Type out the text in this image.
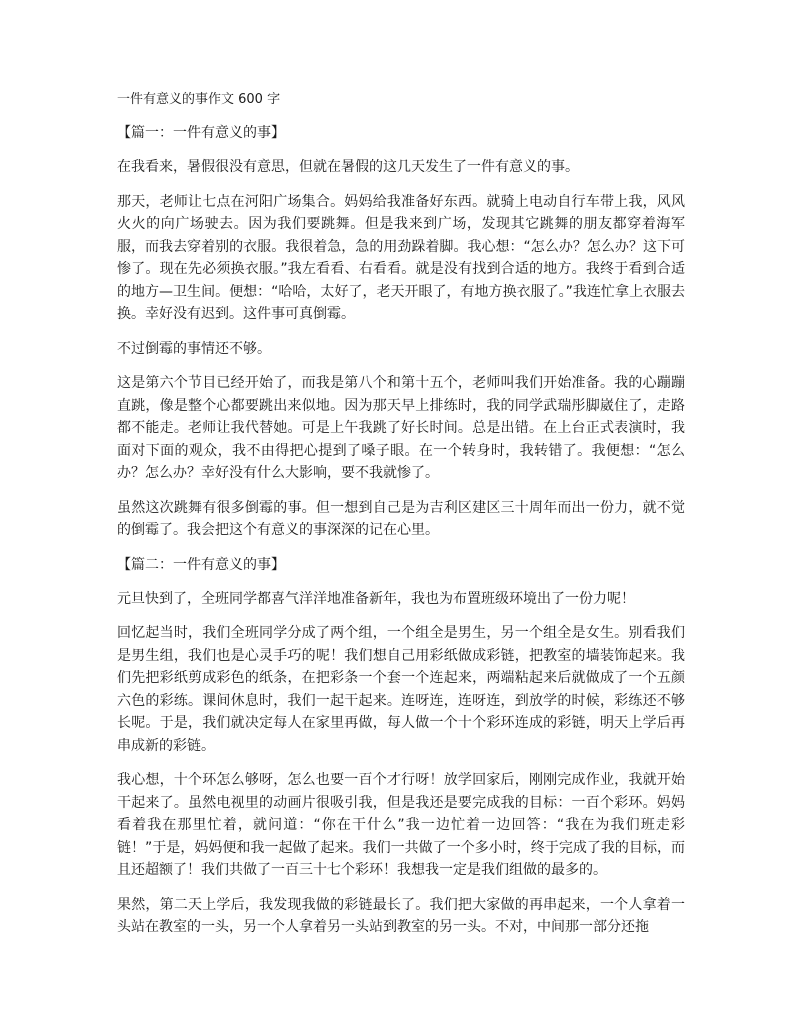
一件有意义的事作文 600 字
【篇一：一件有意义的事】

在我看来，暑假很没有意思，但就在暑假的这几天发生了一件有意义的事。

那天，老师让七点在河阳广场集合。妈妈给我准备好东西。就骑上电动自行车带上我，风风火火的向广场驶去。因为我们要跳舞。但是我来到广场，发现其它跳舞的朋友都穿着海军服，而我去穿着别的衣服。我很着急，急的用劲跺着脚。我心想：“怎么办？怎么办？这下可惨了。现在先必须换衣服。”我左看看、右看看。就是没有找到合适的地方。我终于看到合适的地方—卫生间。便想：“哈哈，太好了，老天开眼了，有地方换衣服了。”我连忙拿上衣服去换。幸好没有迟到。这件事可真倒霉。

不过倒霉的事情还不够。

这是第六个节目已经开始了，而我是第八个和第十五个，老师叫我们开始准备。我的心蹦蹦直跳，像是整个心都要跳出来似地。因为那天早上排练时，我的同学武瑞彤脚崴住了，走路都不能走。老师让我代替她。可是上午我跳了好长时间。总是出错。在上台正式表演时，我面对下面的观众，我不由得把心提到了嗓子眼。在一个转身时，我转错了。我便想：“怎么办？怎么办？幸好没有什么大影响，要不我就惨了。

虽然这次跳舞有很多倒霉的事。但一想到自己是为吉利区建区三十周年而出一份力，就不觉的倒霉了。我会把这个有意义的事深深的记在心里。

【篇二：一件有意义的事】

元旦快到了，全班同学都喜气洋洋地准备新年，我也为布置班级环境出了一份力呢！

回忆起当时，我们全班同学分成了两个组，一个组全是男生，另一个组全是女生。别看我们是男生组，我们也是心灵手巧的呢！我们想自己用彩纸做成彩链，把教室的墙装饰起来。我们先把彩纸剪成彩色的纸条，在把彩条一个套一个连起来，两端粘起来后就做成了一个五颜六色的彩练。课间休息时，我们一起干起来。连呀连，连呀连，到放学的时候，彩练还不够长呢。于是，我们就决定每人在家里再做，每人做一个十个彩环连成的彩链，明天上学后再串成新的彩链。

我心想，十个环怎么够呀，怎么也要一百个才行呀！放学回家后，刚刚完成作业，我就开始干起来了。虽然电视里的动画片很吸引我，但是我还是要完成我的目标：一百个彩环。妈妈看着我在那里忙着，就问道：“你在干什么”我一边忙着一边回答：“我在为我们班走彩链！”于是，妈妈便和我一起做了起来。我们一共做了一个多小时，终于完成了我的目标，而且还超额了！我们共做了一百三十七个彩环！我想我一定是我们组做的最多的。

果然，第二天上学后，我发现我做的彩链最长了。我们把大家做的再串起来，一个人拿着一头站在教室的一头，另一个人拿着另一头站到教室的另一头。不对，中间那一部分还拖
